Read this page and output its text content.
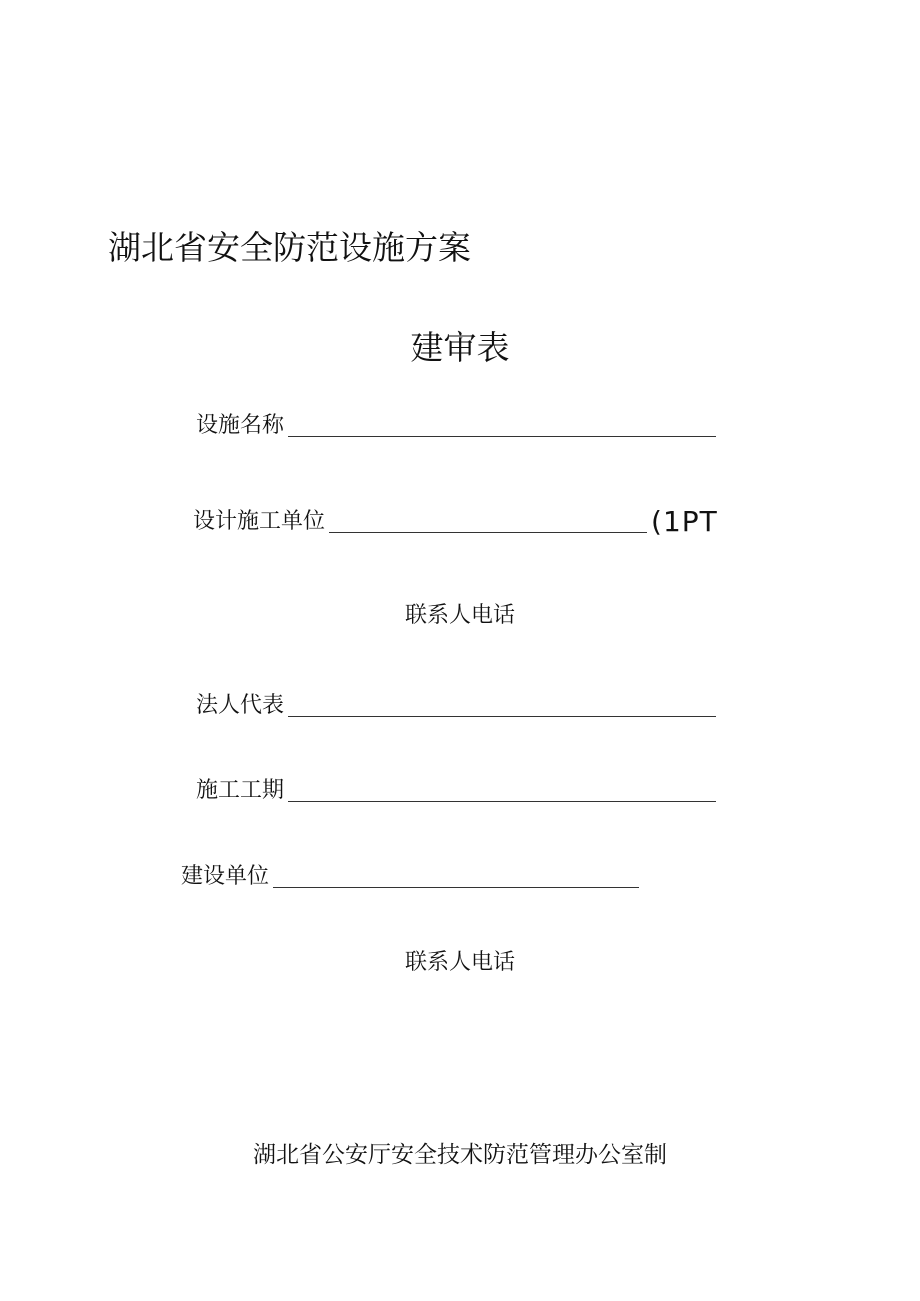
湖北省安全防范设施方案
建审表
设施名称
设计施工单位	(1PT
联系人电话
法人代表
施工工期
建设单位
联系人电话
湖北省公安厅安全技术防范管理办公室制
